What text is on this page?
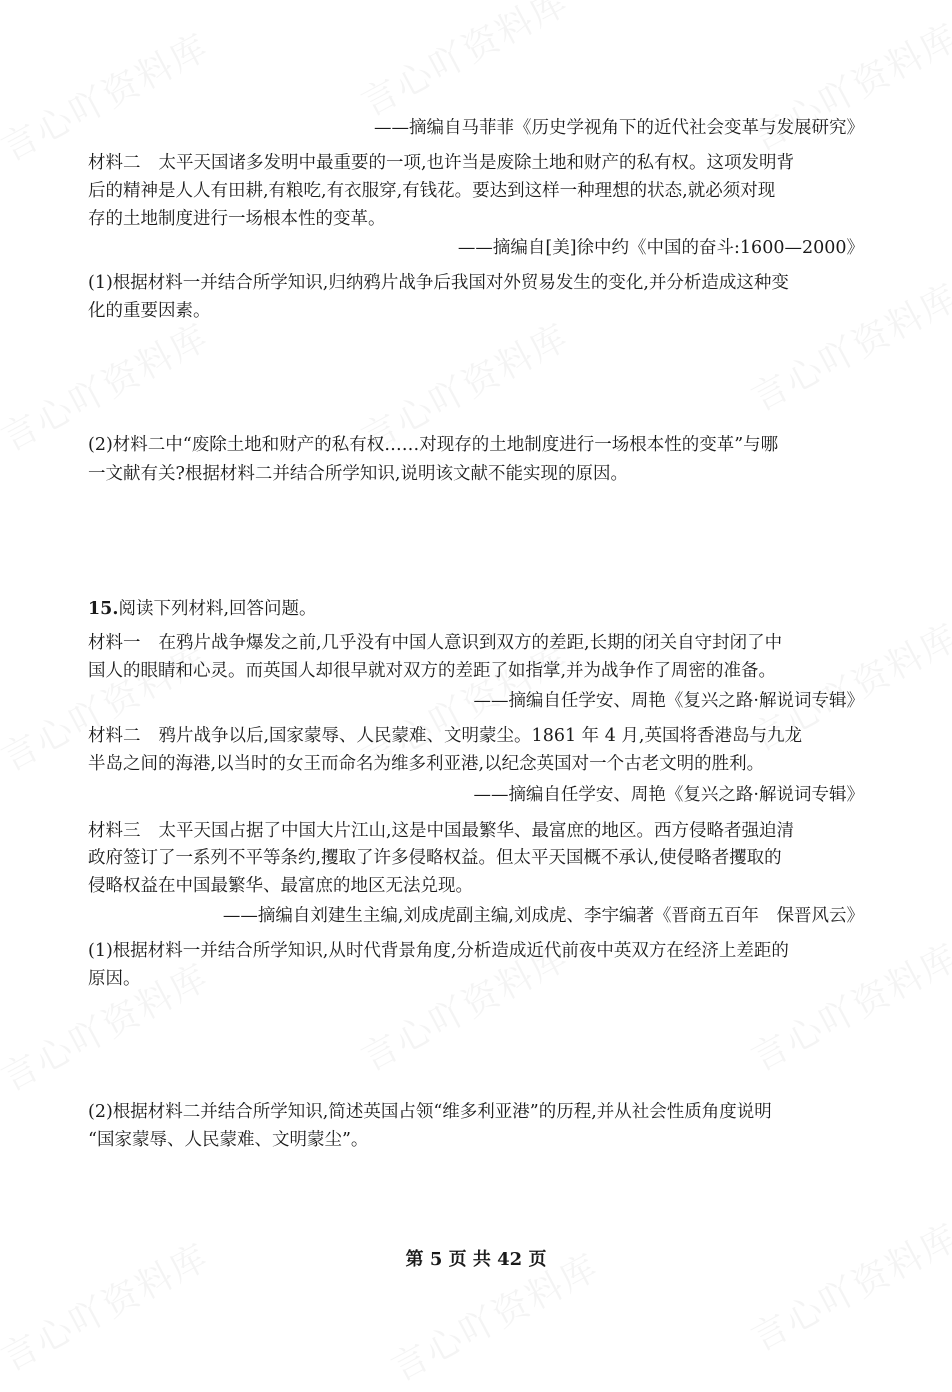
——摘编自马菲菲《历史学视角下的近代社会变革与发展研究》
材料二 太平天国诸多发明中最重要的一项,也许当是废除土地和财产的私有权。这项发明背
后的精神是人人有田耕,有粮吃,有衣服穿,有钱花。要达到这样一种理想的状态,就必须对现
存的土地制度进行一场根本性的变革。
——摘编自[美]徐中约《中国的奋斗:1600—2000》
(1)根据材料一并结合所学知识,归纳鸦片战争后我国对外贸易发生的变化,并分析造成这种变
化的重要因素。
(2)材料二中“废除土地和财产的私有权……对现存的土地制度进行一场根本性的变革”与哪
一文献有关?根据材料二并结合所学知识,说明该文献不能实现的原因。
15.阅读下列材料,回答问题。
材料一 在鸦片战争爆发之前,几乎没有中国人意识到双方的差距,长期的闭关自守封闭了中
国人的眼睛和心灵。而英国人却很早就对双方的差距了如指掌,并为战争作了周密的准备。
——摘编自任学安、周艳《复兴之路·解说词专辑》
材料二 鸦片战争以后,国家蒙辱、人民蒙难、文明蒙尘。1861 年 4 月,英国将香港岛与九龙
半岛之间的海港,以当时的女王而命名为维多利亚港,以纪念英国对一个古老文明的胜利。
——摘编自任学安、周艳《复兴之路·解说词专辑》
材料三 太平天国占据了中国大片江山,这是中国最繁华、最富庶的地区。西方侵略者强迫清
政府签订了一系列不平等条约,攫取了许多侵略权益。但太平天国概不承认,使侵略者攫取的
侵略权益在中国最繁华、最富庶的地区无法兑现。
——摘编自刘建生主编,刘成虎副主编,刘成虎、李宇编著《晋商五百年　保晋风云》
(1)根据材料一并结合所学知识,从时代背景角度,分析造成近代前夜中英双方在经济上差距的
原因。
(2)根据材料二并结合所学知识,简述英国占领“维多利亚港”的历程,并从社会性质角度说明
“国家蒙辱、人民蒙难、文明蒙尘”。
第 5 页 共 42 页
